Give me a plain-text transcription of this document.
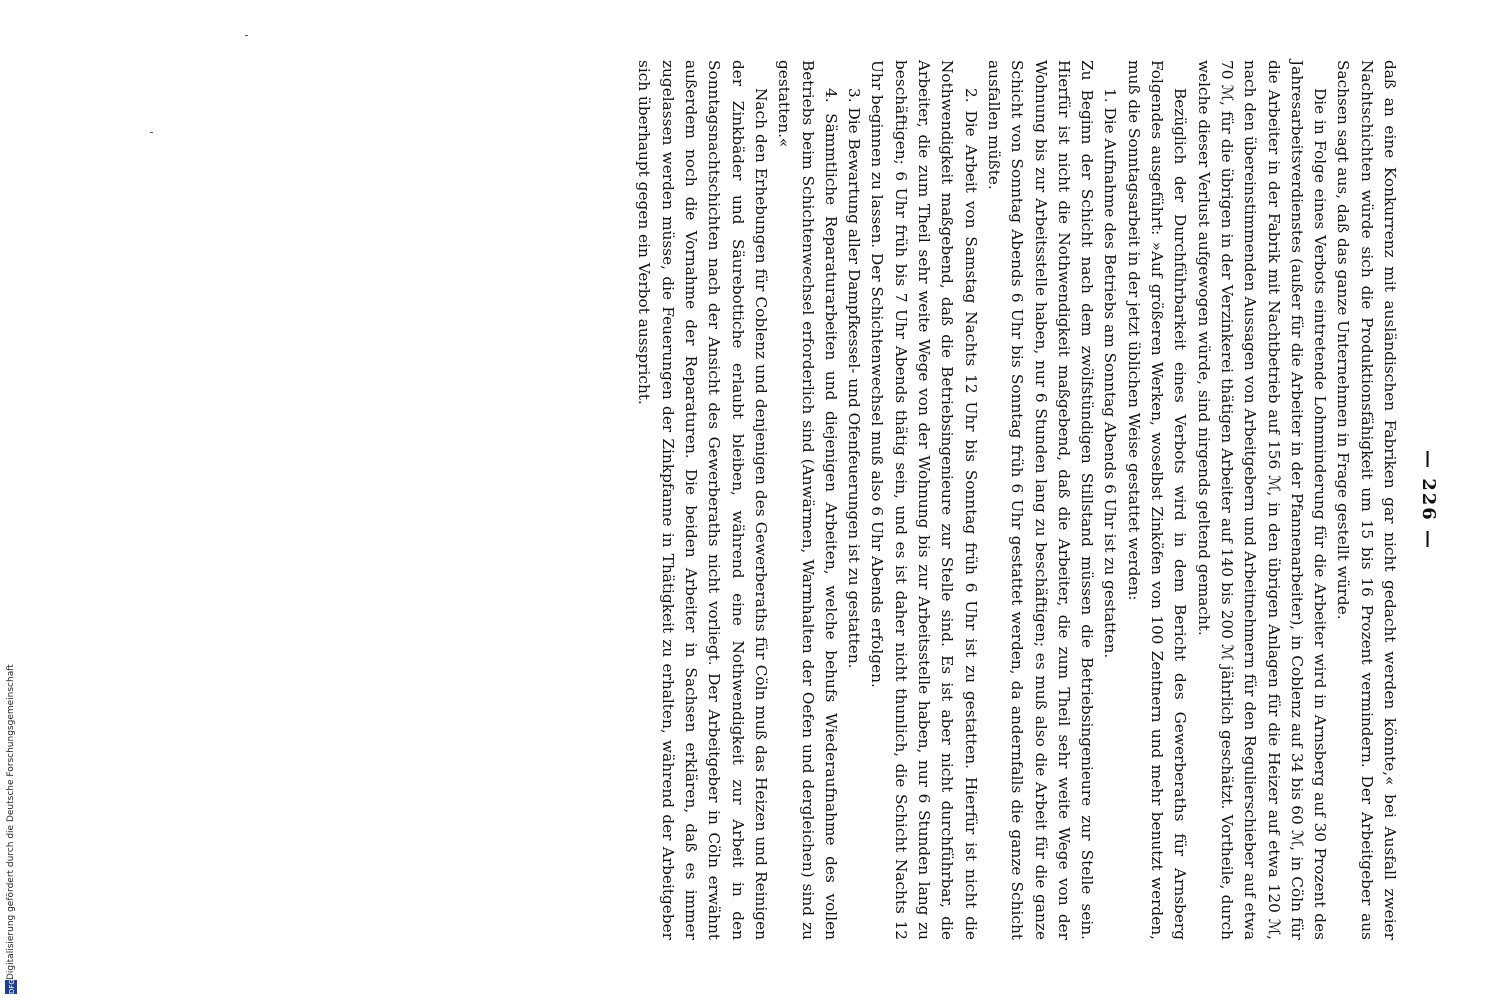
— 226 —

daß an eine Konkurrenz mit ausländischen Fabriken gar nicht gedacht werden könnte,« bei Ausfall zweier Nachtschichten würde sich die Produktionsfähigkeit um 15 bis 16 Prozent vermindern. Der Arbeitgeber aus Sachsen sagt aus, daß das ganze Unternehmen in Frage gestellt würde.

Die in Folge eines Verbots eintretende Lohnminderung für die Arbeiter wird in Arnsberg auf 30 Prozent des Jahresarbeitsverdienstes (außer für die Arbeiter in der Pfannenarbeiter), in Coblenz auf 34 bis 60 ℳ, in Cöln für die Arbeiter in der Fabrik mit Nachtbetrieb auf 156 ℳ, in den übrigen Anlagen für die Heizer auf etwa 120 ℳ, nach den übereinstimmenden Aussagen von Arbeitgebern und Arbeitnehmern für den Regulierschieber auf etwa 70 ℳ, für die übrigen in der Verzinkerei thätigen Arbeiter auf 140 bis 200 ℳ jährlich geschätzt. Vortheile, durch welche dieser Verlust aufgewogen würde, sind nirgends geltend gemacht.

Bezüglich der Durchführbarkeit eines Verbots wird in dem Bericht des Gewerberaths für Arnsberg Folgendes ausgeführt: »Auf größeren Werken, woselbst Zinköfen von 100 Zentnern und mehr benutzt werden, muß die Sonntagsarbeit in der jetzt üblichen Weise gestattet werden:

1. Die Aufnahme des Betriebs am Sonntag Abends 6 Uhr ist zu gestatten.

Zu Beginn der Schicht nach dem zwölfstündigen Stillstand müssen die Betriebsingenieure zur Stelle sein. Hierfür ist nicht die Nothwendigkeit maßgebend, daß die Arbeiter, die zum Theil sehr weite Wege von der Wohnung bis zur Arbeitsstelle haben, nur 6 Stunden lang zu beschäftigen; es muß also die Arbeit für die ganze Schicht von Sonntag Abends 6 Uhr bis Sonntag früh 6 Uhr gestattet werden, da andernfalls die ganze Schicht ausfallen müßte.

2. Die Arbeit von Samstag Nachts 12 Uhr bis Sonntag früh 6 Uhr ist zu gestatten. Hierfür ist nicht die Nothwendigkeit maßgebend, daß die Betriebsingenieure zur Stelle sind. Es ist aber nicht durchführbar, die Arbeiter, die zum Theil sehr weite Wege von der Wohnung bis zur Arbeitsstelle haben, nur 6 Stunden lang zu beschäftigen; 6 Uhr früh bis 7 Uhr Abends thätig sein, und es ist daher nicht thunlich, die Schicht Nachts 12 Uhr beginnen zu lassen. Der Schichtenwechsel muß also 6 Uhr Abends erfolgen.

3. Die Bewartung aller Dampfkessel- und Ofenfeuerungen ist zu gestatten.

4. Sämmtliche Reparaturarbeiten und diejenigen Arbeiten, welche behufs Wiederaufnahme des vollen Betriebs beim Schichtenwechsel erforderlich sind (Anwärmen, Warmhalten der Oefen und dergleichen) sind zu gestatten.«

Nach den Erhebungen für Coblenz und denjenigen des Gewerberaths für Cöln muß das Heizen und Reinigen der Zinkbäder und Säurebottiche erlaubt bleiben, während eine Nothwendigkeit zur Arbeit in den Sonntagsnachtschichten nach der Ansicht des Gewerberaths nicht vorliegt. Der Arbeitgeber in Cöln erwähnt außerdem noch die Vornahme der Reparaturen. Die beiden Arbeiter in Sachsen erklären, daß es immer zugelassen werden müsse, die Feuerungen der Zinkpfanne in Thätigkeit zu erhalten, während der Arbeitgeber sich überhaupt gegen ein Verbot ausspricht.

DFG
Digitalisierung gefördert durch die Deutsche Forschungsgemeinschaft
